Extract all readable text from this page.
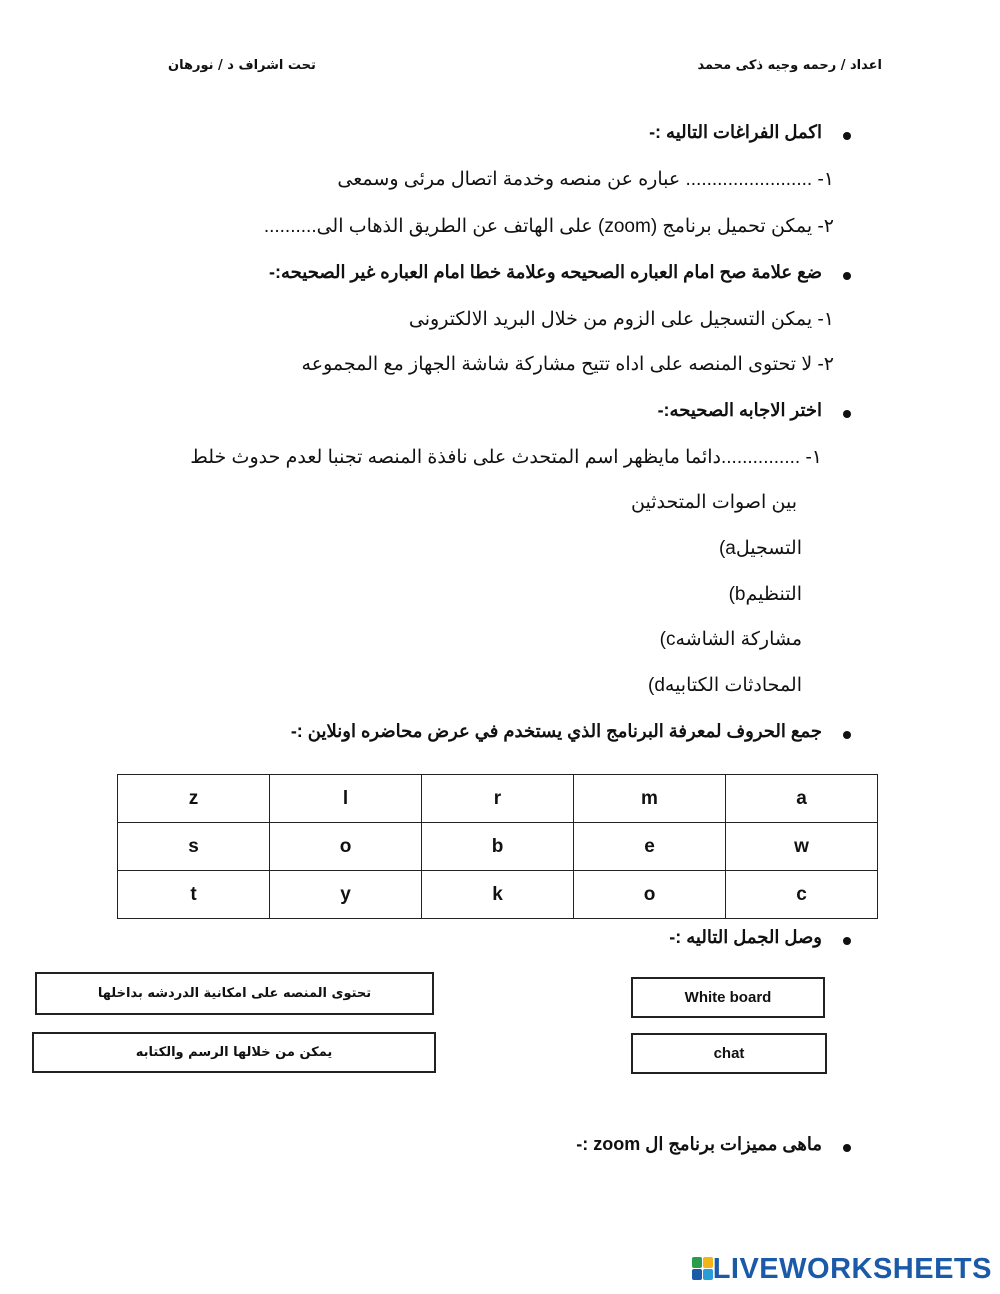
اعداد / رحمه وجيه ذكى محمد
تحت اشراف د / نورهان
اكمل الفراغات التاليه :-
١- ........................ عباره عن منصه وخدمة اتصال مرئى وسمعى
٢- يمكن تحميل برنامج (zoom) على الهاتف عن الطريق الذهاب الى..........
ضع علامة صح امام العباره الصحيحه وعلامة خطا امام العباره غير الصحيحه:-
١- يمكن التسجيل على الزوم من خلال البريد الالكترونى
٢- لا تحتوى المنصه على اداه تتيح مشاركة شاشة الجهاز مع المجموعه
اختر الاجابه الصحيحه:-
١- ...............دائما مايظهر اسم المتحدث على نافذة المنصه تجنبا لعدم حدوث خلط
بين اصوات المتحدثين
التسجيلa)
التنظيمb)
مشاركة الشاشهc)
المحادثات الكتابيهd)
جمع الحروف لمعرفة البرنامج الذي يستخدم في عرض محاضره اونلاين :-
z	l	r	m	a
s	o	b	e	w
t	y	k	o	c
وصل الجمل التاليه :-
White board
chat
تحتوى المنصه على امكانية الدردشه بداخلها
يمكن من خلالها الرسم والكتابه
ماهى مميزات برنامج ال zoom :-
LIVEWORKSHEETS
